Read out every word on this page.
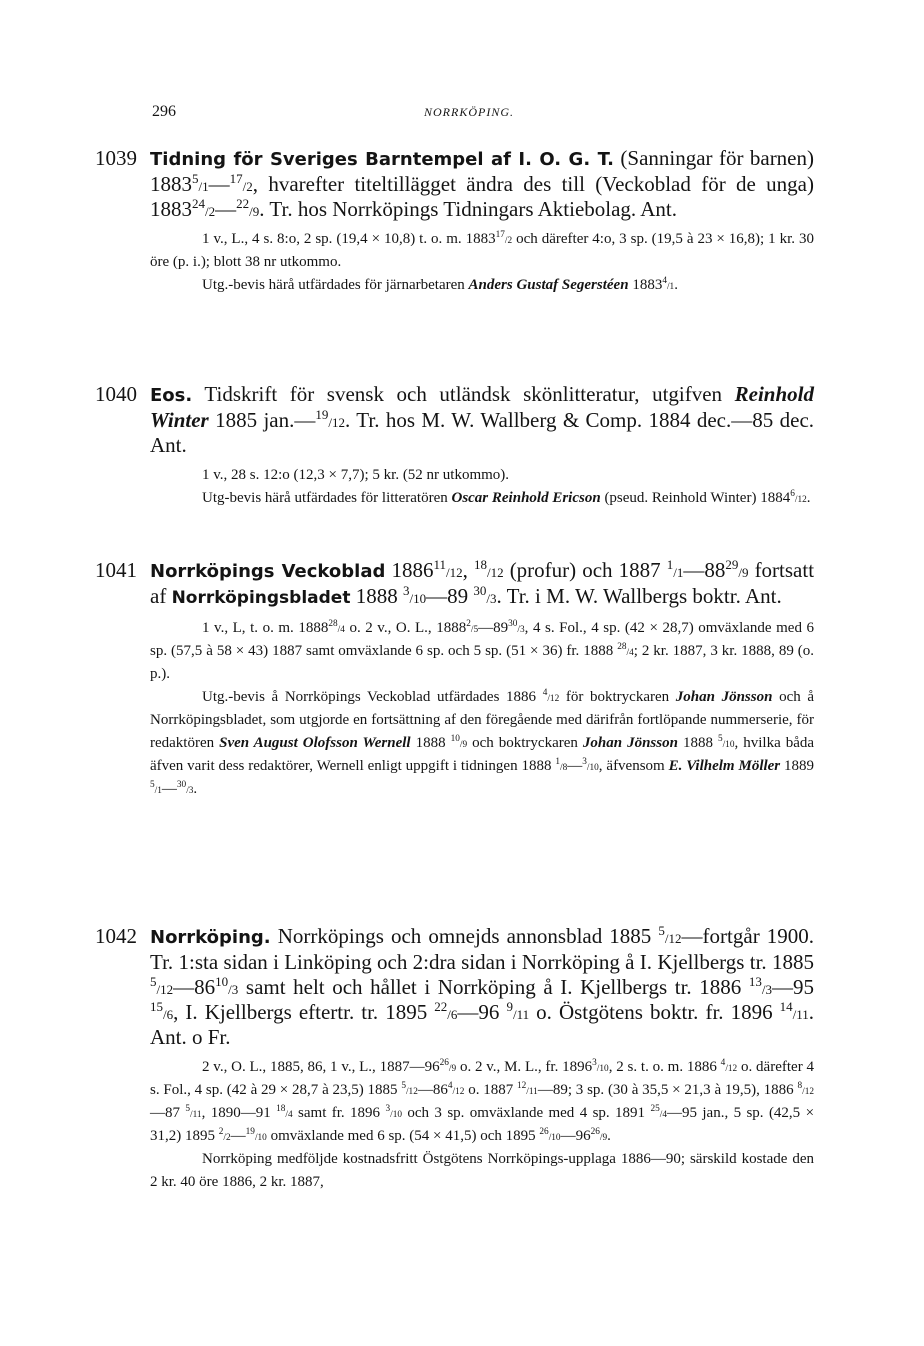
296	NORRKÖPING.
1039 Tidning för Sveriges Barntempel af I. O. G. T. (Sanningar för barnen) 1883$^5$/1—$^{17}$/2, hvarefter titeltillägget ändra des till (Veckoblad för de unga) 1883$^{24}$/2—$^{22}$/9. Tr. hos Norrköpings Tidningars Aktiebolag. Ant.
1 v., L., 4 s. 8:o, 2 sp. (19,4 × 10,8) t. o. m. 1883$^{17}$/2 och därefter 4:o, 3 sp. (19,5 à 23 × 16,8); 1 kr. 30 öre (p. i.); blott 38 nr utkommo.
Utg.-bevis härå utfärdades för järnarbetaren Anders Gustaf Segerstéen 1883$^4$/1.
1040 Eos. Tidskrift för svensk och utländsk skönlitteratur, utgifven Reinhold Winter 1885 jan.—$^{19}$/12. Tr. hos M. W. Wallberg & Comp. 1884 dec.—85 dec. Ant.
1 v., 28 s. 12:o (12,3 × 7,7); 5 kr. (52 nr utkommo).
Utg-bevis härå utfärdades för litteratören Oscar Reinhold Ericson (pseud. Reinhold Winter) 1884$^6$/12.
1041 Norrköpings Veckoblad 1886$^{11}$/12, $^{18}$/12 (profur) och 1887 $^1/1—88^{29}/9$ fortsatt af Norrköpingsbladet 1888 $^3$/10—89 $^{30}$/3. Tr. i M. W. Wallbergs boktr. Ant.
1 v., L, t. o. m. 1888$^{28}$/4 o. 2 v., O. L., $1888^2/5—89^{30}/3$, 4 s. Fol., 4 sp. (42 × 28,7) omväxlande med 6 sp. (57,5 à 58 × 43) 1887 samt omväxlande 6 sp. och 5 sp. (51 × 36) fr. 1888 $^{28}$/4; 2 kr. 1887, 3 kr. 1888, 89 (o. p.).
Utg.-bevis å Norrköpings Veckoblad utfärdades 1886 $^4$/12 för boktryckaren Johan Jönsson och å Norrköpingsbladet, som utgjorde en fortsättning af den föregående med därifrån fortlöpande nummerserie, för redaktören Sven August Olofsson Wernell 1888 $^{10}$/9 och boktryckaren Johan Jönsson 1888 $^5$/10, hvilka båda äfven varit dess redaktörer, Wernell enligt uppgift i tidningen 1888 $^1$/8—$^3$/10, äfvensom E. Vilhelm Möller 1889 $^5$/1—$^{30}$/3.
1042 Norrköping. Norrköpings och omnejds annonsblad 1885 $^5$/12—fortgår 1900. Tr. 1:sta sidan i Linköping och 2:dra sidan i Norrköping å I. Kjellbergs tr. 1885 $^5/12—86^{10}/3$ samt helt och hållet i Norrköping å I. Kjellbergs tr. 1886 $^{13}$/3—95 $^{15}$/6, I. Kjellbergs eftertr. tr. 1895 $^{22}$/6—96 $^9$/11 o. Östgötens boktr. fr. 1896 $^{14}$/11. Ant. o Fr.
2 v., O. L., 1885, 86, 1 v., L., $1887—96^{26}/9$ o. 2 v., M. L., fr. 1896$^3$/10, 2 s. t. o. m. 1886 $^4$/12 o. därefter 4 s. Fol., 4 sp. (42 à 29 × 28,7 à 23,5) 1885 $^5/12—86^4/12$ o. 1887 $^{12}$/11—89; 3 sp. (30 à 35,5 × 21,3 à 19,5), 1886 $^8$/12—87 $^5$/11, 1890—91 $^{18}$/4 samt fr. 1896 $^3$/10 och 3 sp. omväxlande med 4 sp. 1891 $^{25}$/4—95 jan., 5 sp. (42,5 × 31,2) 1895 $^2$/2—$^{19}$/10 omväxlande med 6 sp. (54 × 41,5) och 1895 $^{26}/10—96^{26}/9$.
Norrköping medföljde kostnadsfritt Östgötens Norrköpings-upplaga 1886—90; särskild kostade den 2 kr. 40 öre 1886, 2 kr. 1887,
